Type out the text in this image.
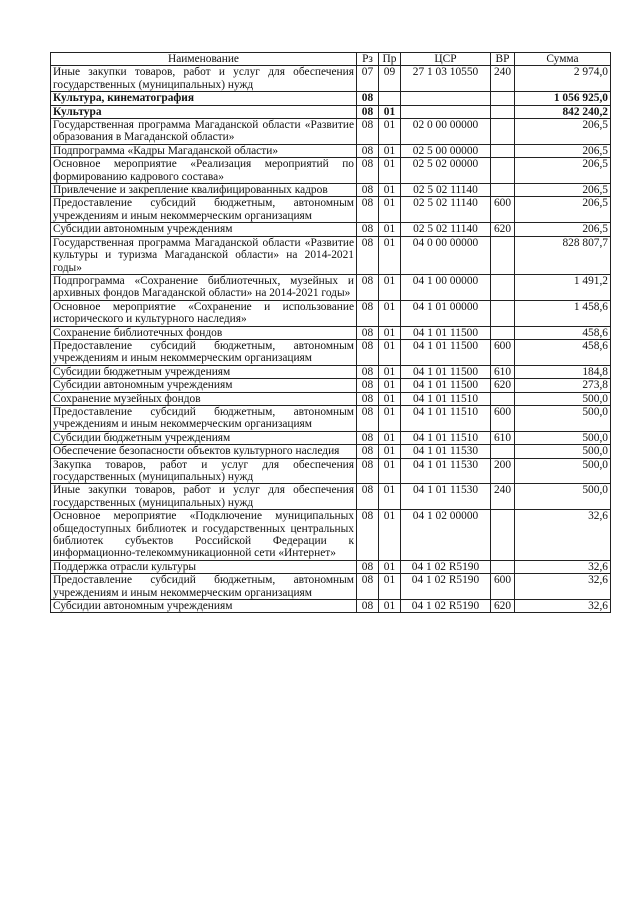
Наименование	Рз	Пр	ЦСР	ВР	Сумма
Иные закупки товаров, работ и услуг для обеспечения государственных (муниципальных) нужд	07	09	27 1 03 10550	240	2 974,0
Культура, кинематография	08				1 056 925,0
Культура	08	01			842 240,2
Государственная программа Магаданской области «Развитие образования в Магаданской области»	08	01	02 0 00 00000		206,5
Подпрограмма «Кадры Магаданской области»	08	01	02 5 00 00000		206,5
Основное мероприятие «Реализация мероприятий по формированию кадрового состава»	08	01	02 5 02 00000		206,5
Привлечение и закрепление квалифицированных кадров	08	01	02 5 02 11140		206,5
Предоставление субсидий бюджетным, автономным учреждениям и иным некоммерческим организациям	08	01	02 5 02 11140	600	206,5
Субсидии автономным учреждениям	08	01	02 5 02 11140	620	206,5
Государственная программа Магаданской области «Развитие культуры и туризма Магаданской области» на 2014-2021 годы»	08	01	04 0 00 00000		828 807,7
Подпрограмма «Сохранение библиотечных, музейных и архивных фондов Магаданской области» на 2014-2021 годы»	08	01	04 1 00 00000		1 491,2
Основное мероприятие «Сохранение и использование исторического и культурного наследия»	08	01	04 1 01 00000		1 458,6
Сохранение библиотечных фондов	08	01	04 1 01 11500		458,6
Предоставление субсидий бюджетным, автономным учреждениям и иным некоммерческим организациям	08	01	04 1 01 11500	600	458,6
Субсидии бюджетным учреждениям	08	01	04 1 01 11500	610	184,8
Субсидии автономным учреждениям	08	01	04 1 01 11500	620	273,8
Сохранение музейных фондов	08	01	04 1 01 11510		500,0
Предоставление субсидий бюджетным, автономным учреждениям и иным некоммерческим организациям	08	01	04 1 01 11510	600	500,0
Субсидии бюджетным учреждениям	08	01	04 1 01 11510	610	500,0
Обеспечение безопасности объектов культурного наследия	08	01	04 1 01 11530		500,0
Закупка товаров, работ и услуг для обеспечения государственных (муниципальных) нужд	08	01	04 1 01 11530	200	500,0
Иные закупки товаров, работ и услуг для обеспечения государственных (муниципальных) нужд	08	01	04 1 01 11530	240	500,0
Основное мероприятие «Подключение муниципальных общедоступных библиотек и государственных центральных библиотек субъектов Российской Федерации к информационно-телекоммуникационной сети «Интернет»	08	01	04 1 02 00000		32,6
Поддержка отрасли культуры	08	01	04 1 02 R5190		32,6
Предоставление субсидий бюджетным, автономным учреждениям и иным некоммерческим организациям	08	01	04 1 02 R5190	600	32,6
Субсидии автономным учреждениям	08	01	04 1 02 R5190	620	32,6
